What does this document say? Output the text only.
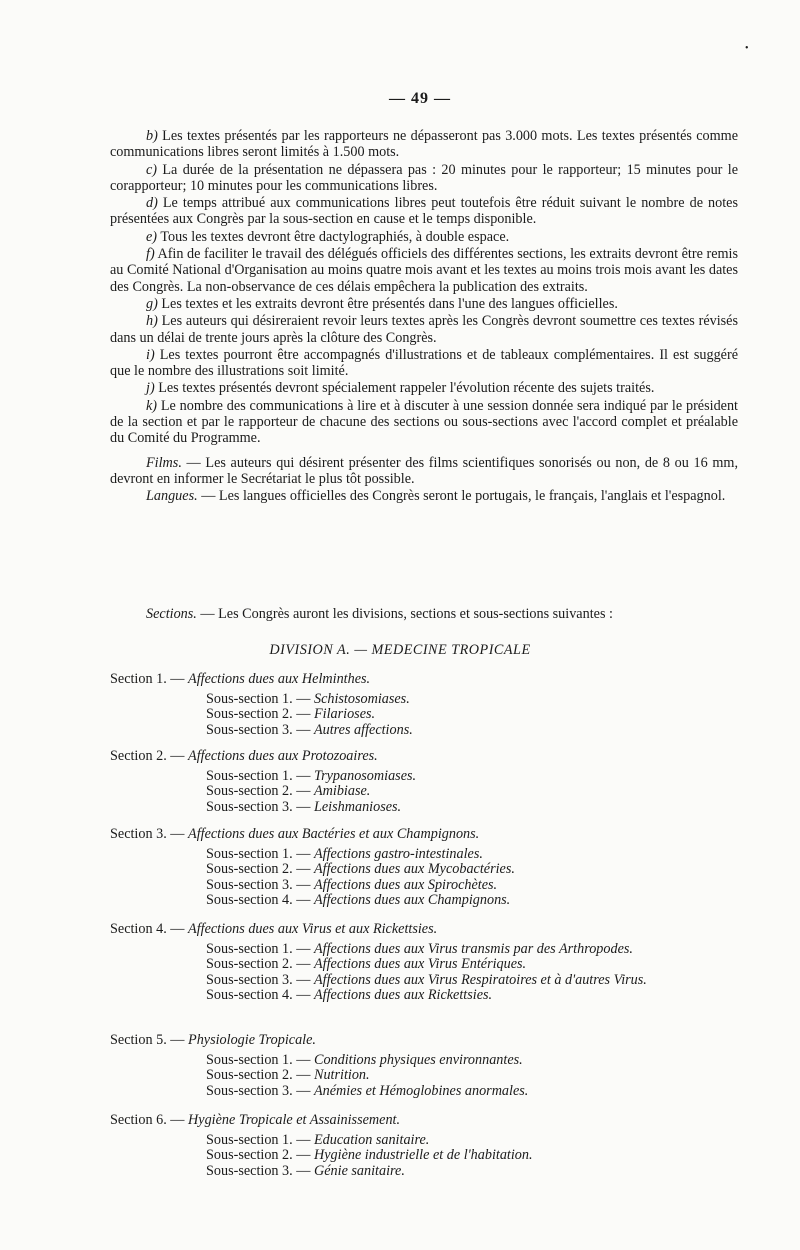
•
— 49 —

b) Les textes présentés par les rapporteurs ne dépasseront pas 3.000 mots. Les textes présentés comme communications libres seront limités à 1.500 mots.

c) La durée de la présentation ne dépassera pas : 20 minutes pour le rapporteur; 15 minutes pour le corapporteur; 10 minutes pour les communications libres.

d) Le temps attribué aux communications libres peut toutefois être réduit suivant le nombre de notes présentées aux Congrès par la sous-section en cause et le temps disponible.

e) Tous les textes devront être dactylographiés, à double espace.

f) Afin de faciliter le travail des délégués officiels des différentes sections, les extraits devront être remis au Comité National d'Organisation au moins quatre mois avant et les textes au moins trois mois avant les dates des Congrès. La non-observance de ces délais empêchera la publication des extraits.

g) Les textes et les extraits devront être présentés dans l'une des langues officielles.

h) Les auteurs qui désireraient revoir leurs textes après les Congrès devront soumettre ces textes révisés dans un délai de trente jours après la clôture des Congrès.

i) Les textes pourront être accompagnés d'illustrations et de tableaux complémentaires. Il est suggéré que le nombre des illustrations soit limité.

j) Les textes présentés devront spécialement rappeler l'évolution récente des sujets traités.

k) Le nombre des communications à lire et à discuter à une session donnée sera indiqué par le président de la section et par le rapporteur de chacune des sections ou sous-sections avec l'accord complet et préalable du Comité du Programme.

Films. — Les auteurs qui désirent présenter des films scientifiques sonorisés ou non, de 8 ou 16 mm, devront en informer le Secrétariat le plus tôt possible.

Langues. — Les langues officielles des Congrès seront le portugais, le français, l'anglais et l'espagnol.

Sections. — Les Congrès auront les divisions, sections et sous-sections suivantes :
DIVISION A. — MEDECINE TROPICALE
Section 1. — Affections dues aux Helminthes.
Sous-section 1. — Schistosomiases.
Sous-section 2. — Filarioses.
Sous-section 3. — Autres affections.
Section 2. — Affections dues aux Protozoaires.
Sous-section 1. — Trypanosomiases.
Sous-section 2. — Amibiase.
Sous-section 3. — Leishmanioses.
Section 3. — Affections dues aux Bactéries et aux Champignons.
Sous-section 1. — Affections gastro-intestinales.
Sous-section 2. — Affections dues aux Mycobactéries.
Sous-section 3. — Affections dues aux Spirochètes.
Sous-section 4. — Affections dues aux Champignons.
Section 4. — Affections dues aux Virus et aux Rickettsies.
Sous-section 1. — Affections dues aux Virus transmis par des Arthropodes.
Sous-section 2. — Affections dues aux Virus Entériques.
Sous-section 3. —
Affections dues aux Virus Respiratoires et à d'autres Virus.
Sous-section 4. — Affections dues aux Rickettsies.
Section 5. — Physiologie Tropicale.
Sous-section 1. — Conditions physiques environnantes.
Sous-section 2. — Nutrition.
Sous-section 3. — Anémies et Hémoglobines anormales.
Section 6. — Hygiène Tropicale et Assainissement.
Sous-section 1. — Education sanitaire.
Sous-section 2. — Hygiène industrielle et de l'habitation.
Sous-section 3. — Génie sanitaire.
